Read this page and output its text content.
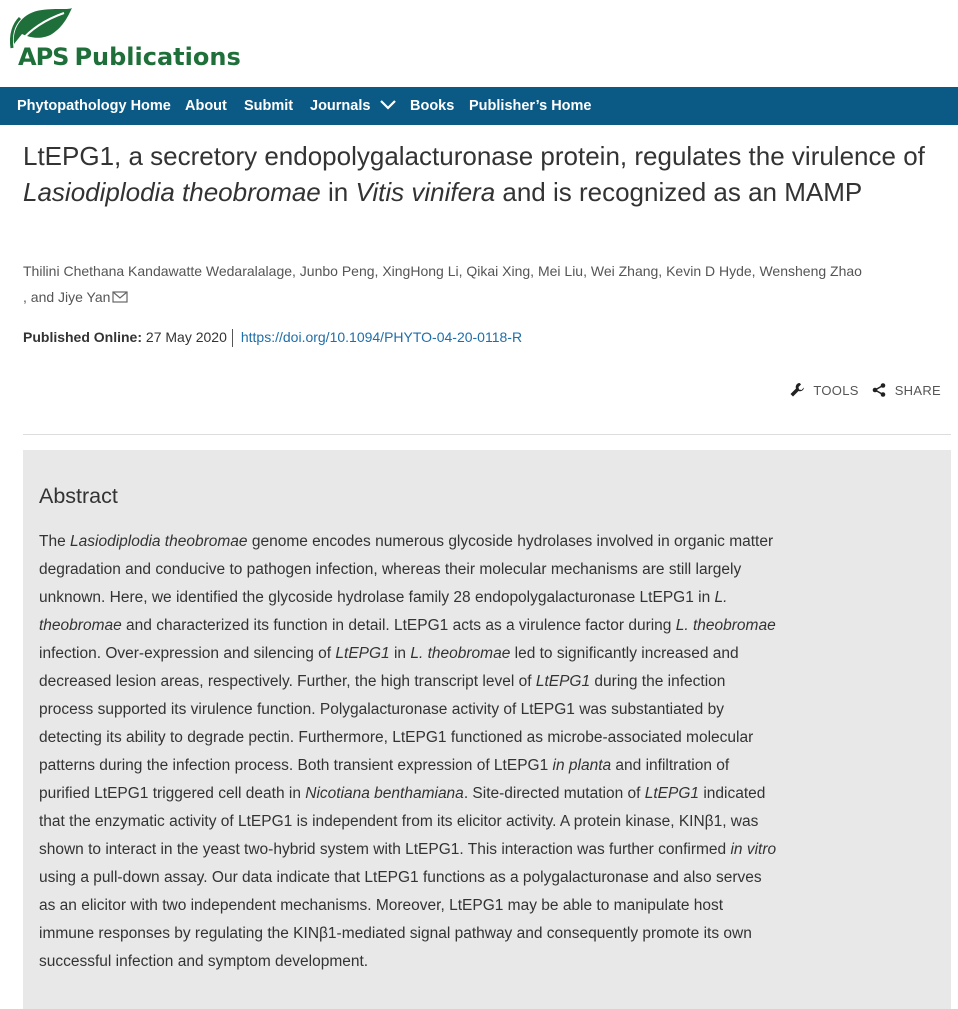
APS Publications
Phytopathology Home About Submit Journals	Books Publisher’s Home
LtEPG1, a secretory endopolygalacturonase protein, regulates the virulence of Lasiodiplodia theobromae in Vitis vinifera and is recognized as an MAMP
Thilini Chethana Kandawatte Wedaralalage, Junbo Peng, XingHong Li, Qikai Xing, Mei Liu, Wei Zhang, Kevin D Hyde, Wensheng Zhao
, and Jiye Yan
Published Online: 27 May 2020 https://doi.org/10.1094/PHYTO-04-20-0118-R
TOOLS	SHARE
Abstract

The Lasiodiplodia theobromae genome encodes numerous glycoside hydrolases involved in organic matter degradation and conducive to pathogen infection, whereas their molecular mechanisms are still largely unknown. Here, we identified the glycoside hydrolase family 28 endopolygalacturonase LtEPG1 in L. theobromae and characterized its function in detail. LtEPG1 acts as a virulence factor during L. theobromae infection. Over-expression and silencing of LtEPG1 in L. theobromae led to significantly increased and decreased lesion areas, respectively. Further, the high transcript level of LtEPG1 during the infection process supported its virulence function. Polygalacturonase activity of LtEPG1 was substantiated by detecting its ability to degrade pectin. Furthermore, LtEPG1 functioned as microbe-associated molecular patterns during the infection process. Both transient expression of LtEPG1 in planta and infiltration of purified LtEPG1 triggered cell death in Nicotiana benthamiana. Site-directed mutation of LtEPG1 indicated that the enzymatic activity of LtEPG1 is independent from its elicitor activity. A protein kinase, KINβ1, was shown to interact in the yeast two-hybrid system with LtEPG1. This interaction was further confirmed in vitro using a pull-down assay. Our data indicate that LtEPG1 functions as a polygalacturonase and also serves as an elicitor with two independent mechanisms. Moreover, LtEPG1 may be able to manipulate host immune responses by regulating the KINβ1-mediated signal pathway and consequently promote its own successful infection and symptom development.
